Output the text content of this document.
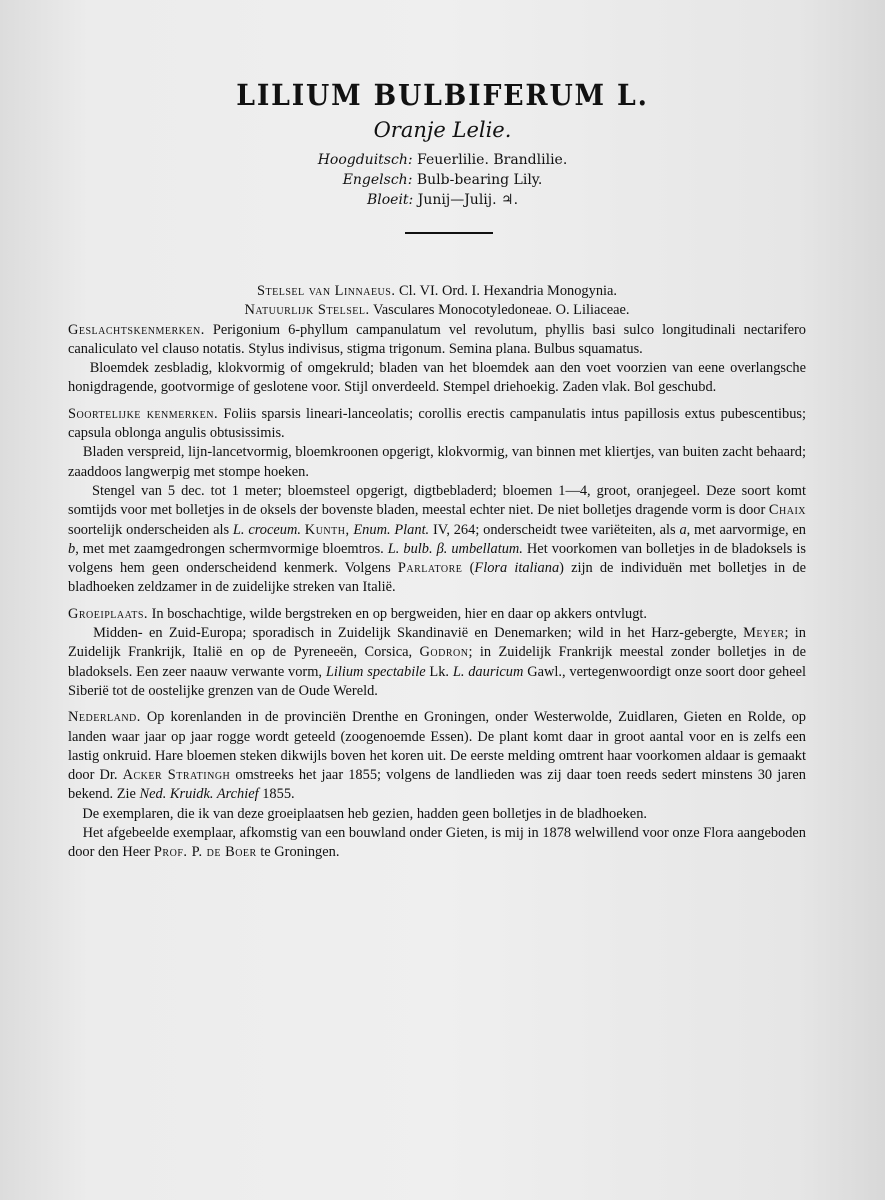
LILIUM BULBIFERUM L.
Oranje Lelie.
Hoogduitsch: Feuerlilie. Brandlilie.
Engelsch: Bulb-bearing Lily.
Bloeit: Junij—Julij. ♃.

Stelsel van Linnaeus. Cl. VI. Ord. I. Hexandria Monogynia.

Natuurlijk Stelsel. Vasculares Monocotyledoneae. O. Liliaceae.

Geslachtskenmerken. Perigonium 6-phyllum campanulatum vel revolutum, phyllis basi sulco longitudinali nectarifero canaliculato vel clauso notatis. Stylus indivisus, stigma trigonum. Semina plana. Bulbus squamatus.

Bloemdek zesbladig, klokvormig of omgekruld; bladen van het bloemdek aan den voet voorzien van eene overlangsche honigdragende, gootvormige of geslotene voor. Stijl onverdeeld. Stempel driehoekig. Zaden vlak. Bol geschubd.

Soortelijke kenmerken. Foliis sparsis lineari-lanceolatis; corollis erectis campanulatis intus papillosis extus pubescentibus; capsula oblonga angulis obtusissimis.

Bladen verspreid, lijn-lancetvormig, bloemkroonen opgerigt, klokvormig, van binnen met kliertjes, van buiten zacht behaard; zaaddoos langwerpig met stompe hoeken.

Stengel van 5 dec. tot 1 meter; bloemsteel opgerigt, digtbebladerd; bloemen 1—4, groot, oranjegeel. Deze soort komt somtijds voor met bolletjes in de oksels der bovenste bladen, meestal echter niet. De niet bolletjes dragende vorm is door Chaix soortelijk onderscheiden als L. croceum. Kunth, Enum. Plant. IV, 264; onderscheidt twee variëteiten, als a, met aarvormige, en b, met met zaamgedrongen schermvormige bloemtros. L. bulb. β. umbellatum. Het voorkomen van bolletjes in de bladoksels is volgens hem geen onderscheidend kenmerk. Volgens Parlatore (Flora italiana) zijn de individuën met bolletjes in de bladhoeken zeldzamer in de zuidelijke streken van Italië.

Groeiplaats. In boschachtige, wilde bergstreken en op bergweiden, hier en daar op akkers ontvlugt.

Midden- en Zuid-Europa; sporadisch in Zuidelijk Skandinavië en Denemarken; wild in het Harz-gebergte, Meyer; in Zuidelijk Frankrijk, Italië en op de Pyreneeën, Corsica, Godron; in Zuidelijk Frankrijk meestal zonder bolletjes in de bladoksels. Een zeer naauw verwante vorm, Lilium spectabile Lk. L. dauricum Gawl., vertegenwoordigt onze soort door geheel Siberië tot de oostelijke grenzen van de Oude Wereld.

Nederland. Op korenlanden in de provinciën Drenthe en Groningen, onder Westerwolde, Zuidlaren, Gieten en Rolde, op landen waar jaar op jaar rogge wordt geteeld (zoogenoemde Essen). De plant komt daar in groot aantal voor en is zelfs een lastig onkruid. Hare bloemen steken dikwijls boven het koren uit. De eerste melding omtrent haar voorkomen aldaar is gemaakt door Dr. Acker Stratingh omstreeks het jaar 1855; volgens de landlieden was zij daar toen reeds sedert minstens 30 jaren bekend. Zie Ned. Kruidk. Archief 1855.

De exemplaren, die ik van deze groeiplaatsen heb gezien, hadden geen bolletjes in de bladhoeken.

Het afgebeelde exemplaar, afkomstig van een bouwland onder Gieten, is mij in 1878 welwillend voor onze Flora aangeboden door den Heer Prof. P. de Boer te Groningen.
